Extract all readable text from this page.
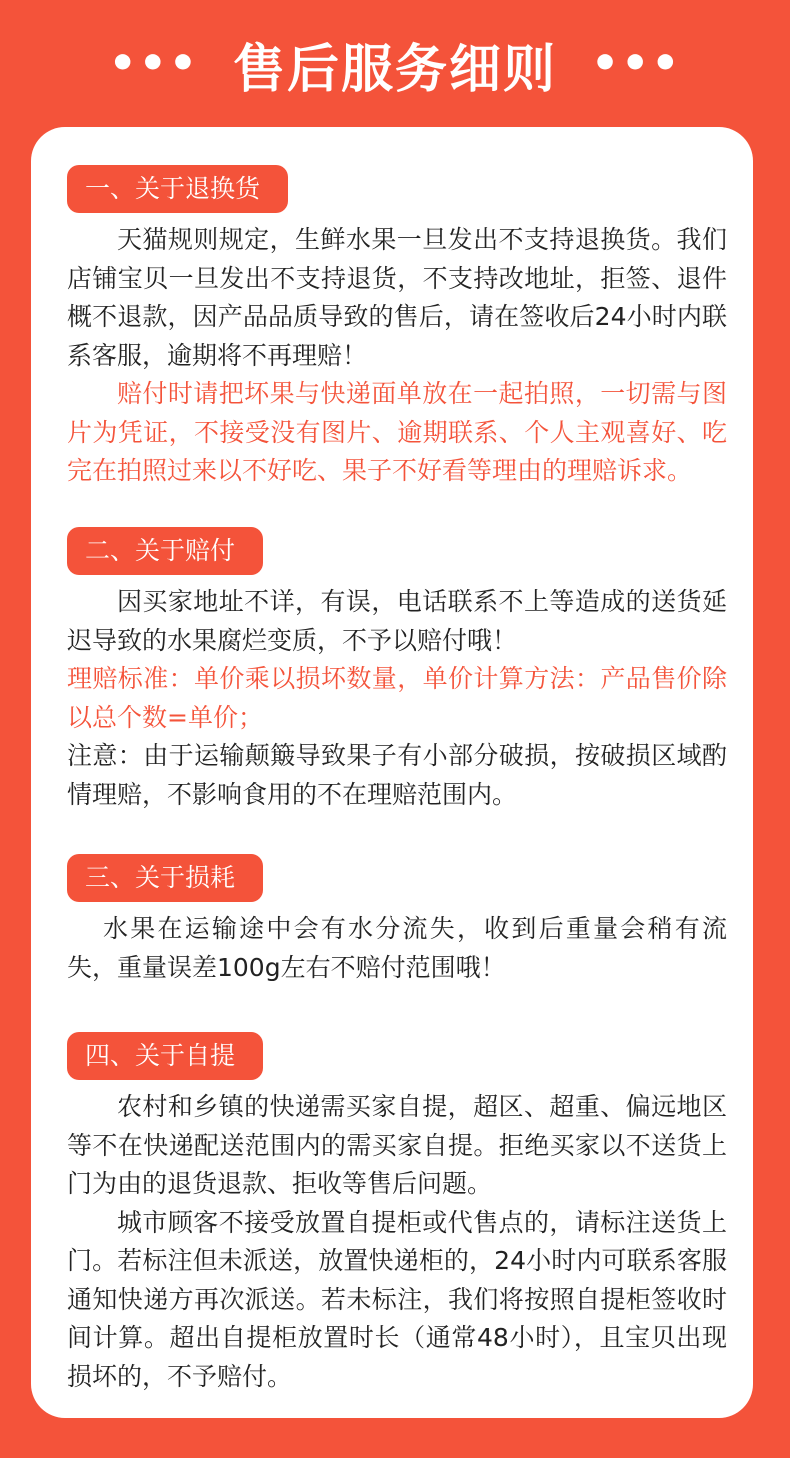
••• 售后服务细则 •••
一、关于退换货

天猫规则规定，生鲜水果一旦发出不支持退换货。我们店铺宝贝一旦发出不支持退货，不支持改地址，拒签、退件概不退款，因产品品质导致的售后，请在签收后24小时内联系客服，逾期将不再理赔！

赔付时请把坏果与快递面单放在一起拍照，一切需与图片为凭证，不接受没有图片、逾期联系、个人主观喜好、吃完在拍照过来以不好吃、果子不好看等理由的理赔诉求。

二、关于赔付

因买家地址不详，有误，电话联系不上等造成的送货延迟导致的水果腐烂变质，不予以赔付哦！

理赔标准：单价乘以损坏数量，单价计算方法：产品售价除以总个数=单价；

注意：由于运输颠簸导致果子有小部分破损，按破损区域酌情理赔，不影响食用的不在理赔范围内。

三、关于损耗

水果在运输途中会有水分流失，收到后重量会稍有流失，重量误差100g左右不赔付范围哦！

四、关于自提

农村和乡镇的快递需买家自提，超区、超重、偏远地区等不在快递配送范围内的需买家自提。拒绝买家以不送货上门为由的退货退款、拒收等售后问题。

城市顾客不接受放置自提柜或代售点的，请标注送货上门。若标注但未派送，放置快递柜的，24小时内可联系客服通知快递方再次派送。若未标注，我们将按照自提柜签收时间计算。超出自提柜放置时长（通常48小时），且宝贝出现损坏的，不予赔付。
